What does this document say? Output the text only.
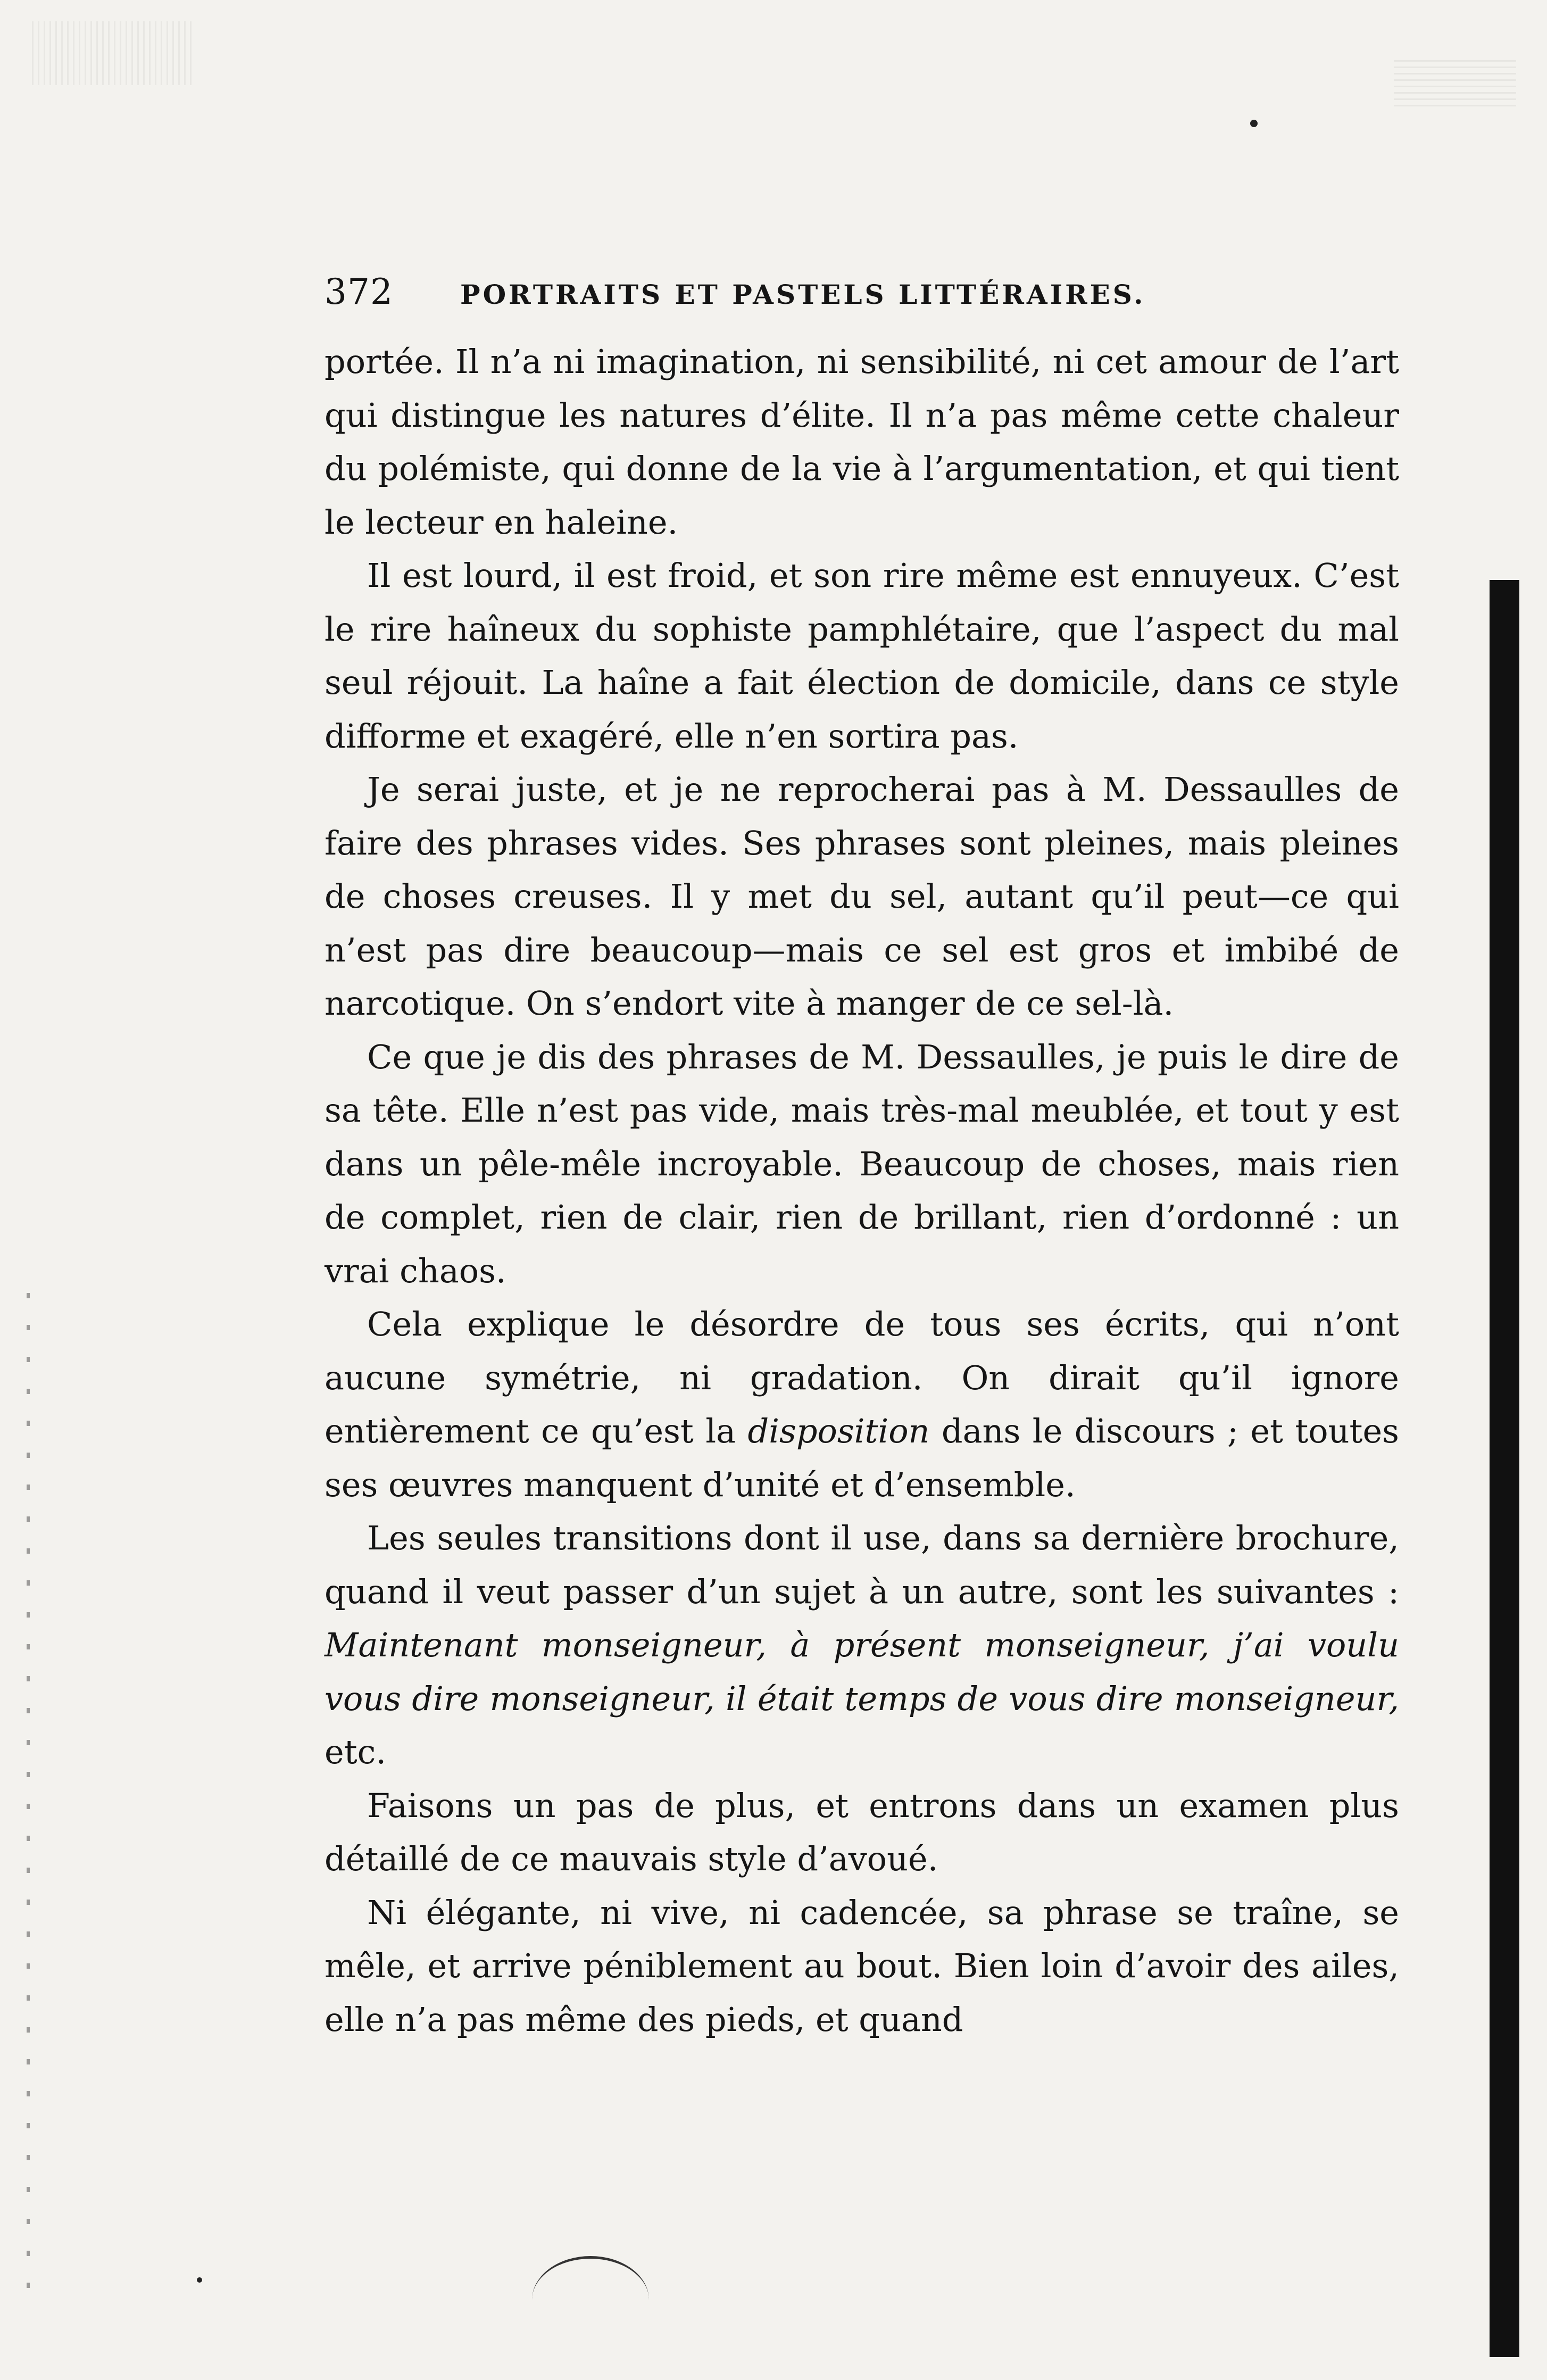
372	PORTRAITS ET PASTELS LITTÉRAIRES.

portée. Il n’a ni imagination, ni sensibilité, ni cet amour de l’art qui distingue les natures d’élite. Il n’a pas même cette chaleur du polémiste, qui donne de la vie à l’argumentation, et qui tient le lecteur en haleine.

Il est lourd, il est froid, et son rire même est ennuyeux. C’est le rire haîneux du sophiste pamphlétaire, que l’aspect du mal seul réjouit. La haîne a fait élection de domicile, dans ce style difforme et exagéré, elle n’en sortira pas.

Je serai juste, et je ne reprocherai pas à M. Dessaulles de faire des phrases vides. Ses phrases sont pleines, mais pleines de choses creuses. Il y met du sel, autant qu’il peut—ce qui n’est pas dire beaucoup—mais ce sel est gros et imbibé de narcotique. On s’endort vite à manger de ce sel-là.

Ce que je dis des phrases de M. Dessaulles, je puis le dire de sa tête. Elle n’est pas vide, mais très-mal meublée, et tout y est dans un pêle-mêle incroyable. Beaucoup de choses, mais rien de complet, rien de clair, rien de brillant, rien d’ordonné : un vrai chaos.

Cela explique le désordre de tous ses écrits, qui n’ont aucune symétrie, ni gradation. On dirait qu’il ignore entièrement ce qu’est la disposition dans le discours ; et toutes ses œuvres manquent d’unité et d’ensemble.

Les seules transitions dont il use, dans sa dernière brochure, quand il veut passer d’un sujet à un autre, sont les suivantes : Maintenant monseigneur, à présent monseigneur, j’ai voulu vous dire monseigneur, il était temps de vous dire monseigneur, etc.

Faisons un pas de plus, et entrons dans un examen plus détaillé de ce mauvais style d’avoué.

Ni élégante, ni vive, ni cadencée, sa phrase se traîne, se mêle, et arrive péniblement au bout. Bien loin d’avoir des ailes, elle n’a pas même des pieds, et quand
